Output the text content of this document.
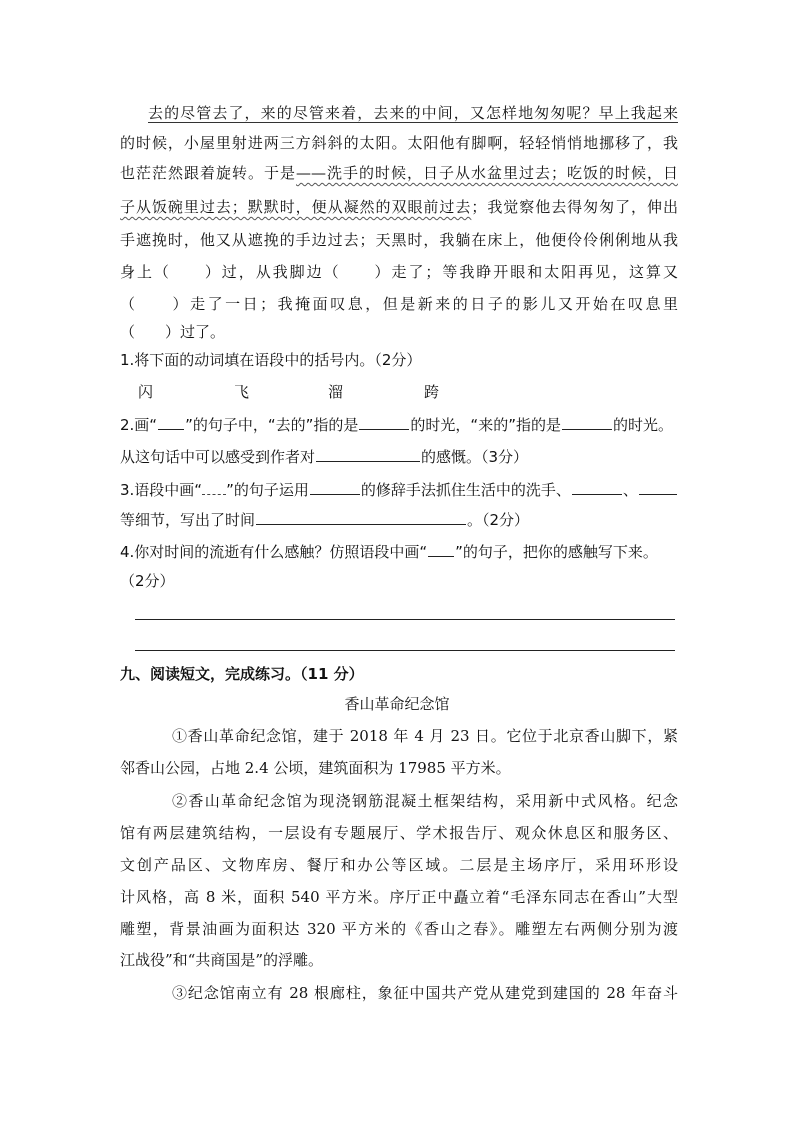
去的尽管去了，来的尽管来着，去来的中间，又怎样地匆匆呢？早上我起来
的时候，小屋里射进两三方斜斜的太阳。太阳他有脚啊，轻轻悄悄地挪移了，我
也茫茫然跟着旋转。于是——洗手的时候，日子从水盆里过去；吃饭的时候，日
子从饭碗里过去；默默时，便从凝然的双眼前过去；我觉察他去得匆匆了，伸出
手遮挽时，他又从遮挽的手边过去；天黑时，我躺在床上，他便伶伶俐俐地从我
身上（　　）过，从我脚边（　　）走了；等我睁开眼和太阳再见，这算又
（　　）走了一日；我掩面叹息，但是新来的日子的影儿又开始在叹息里
（　　）过了。
1.将下面的动词填在语段中的括号内。（2分）
闪	飞	溜	跨
2.画“ ”的句子中，“去的”指的是	的时光，“来的”指的是	的时光。
从这句话中可以感受到作者对	的感慨。（3分）
3.语段中画“ ”的句子运用	的修辞手法抓住生活中的洗手、	、
等细节，写出了时间	。（2分）
4.你对时间的流逝有什么感触？仿照语段中画“ ”的句子，把你的感触写下来。
（2分）
九、阅读短文，完成练习。（11 分）
香山革命纪念馆
①香山革命纪念馆，建于 2018 年 4 月 23 日。它位于北京香山脚下，紧
邻香山公园，占地 2.4 公顷，建筑面积为 17985 平方米。
②香山革命纪念馆为现浇钢筋混凝土框架结构，采用新中式风格。纪念
馆有两层建筑结构，一层设有专题展厅、学术报告厅、观众休息区和服务区、
文创产品区、文物库房、餐厅和办公等区域。二层是主场序厅，采用环形设
计风格，高 8 米，面积 540 平方米。序厅正中矗立着“毛泽东同志在香山”大型
雕塑，背景油画为面积达 320 平方米的《香山之春》。雕塑左右两侧分别为渡
江战役”和“共商国是”的浮雕。
③纪念馆南立有 28 根廊柱，象征中国共产党从建党到建国的 28 年奋斗
